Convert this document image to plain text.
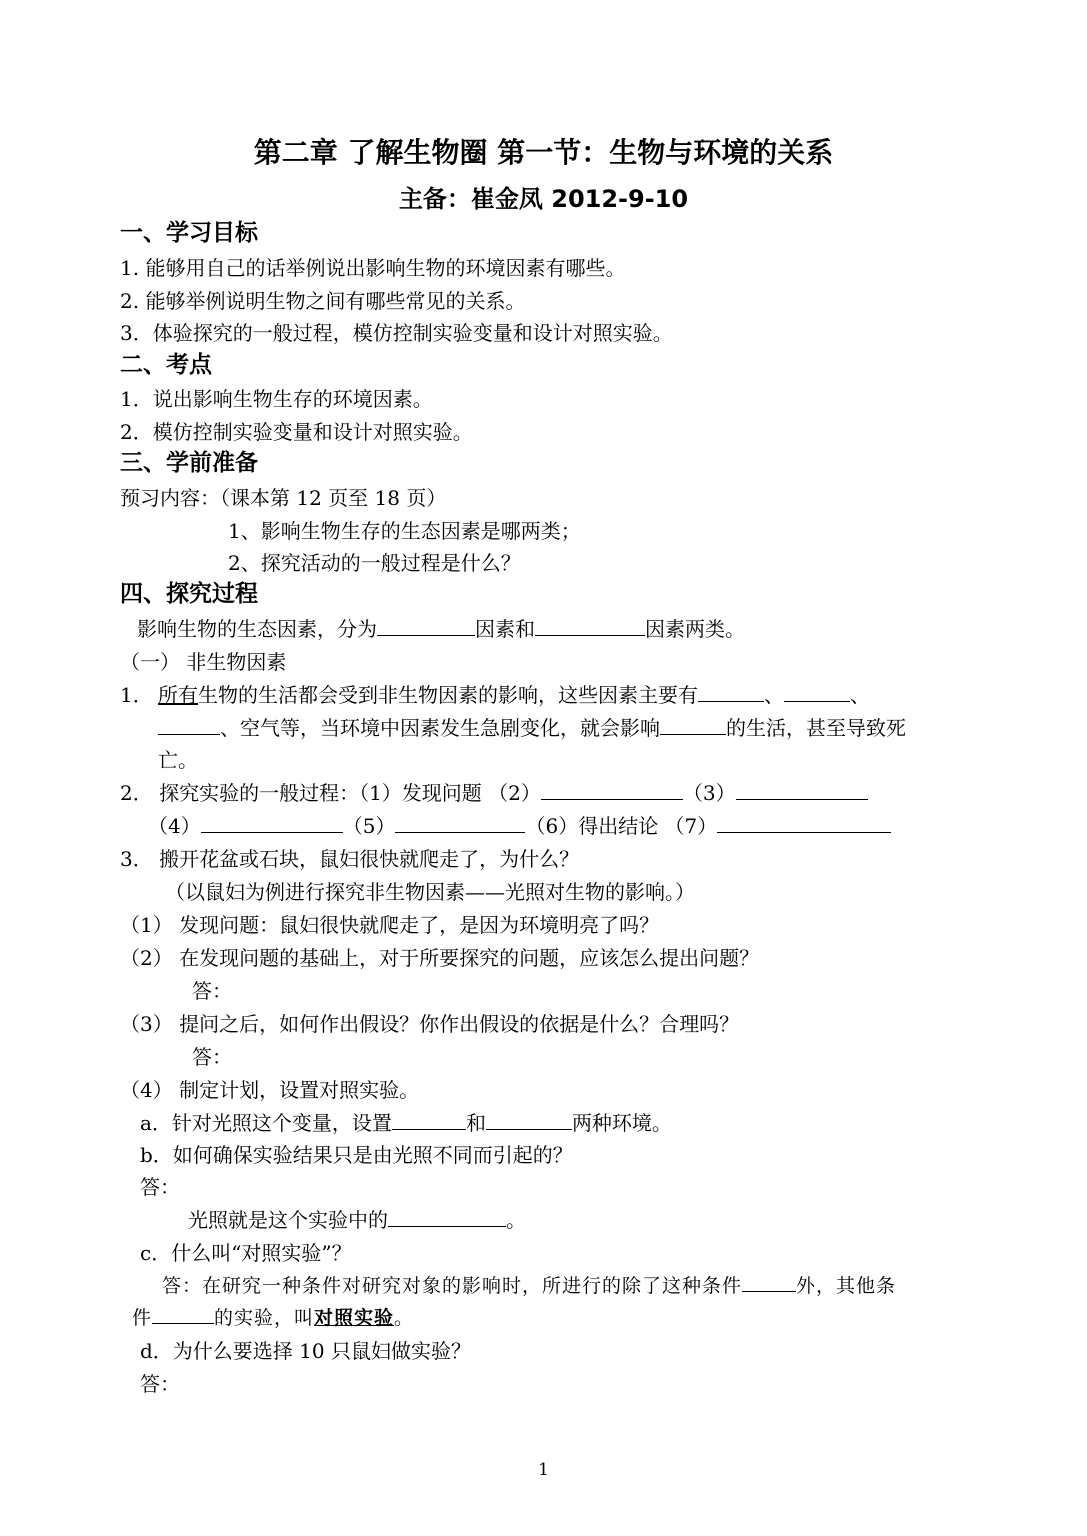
第二章 了解生物圈 第一节：生物与环境的关系
主备：崔金凤 2012-9-10
一、学习目标
1. 能够用自己的话举例说出影响生物的环境因素有哪些。
2. 能够举例说明生物之间有哪些常见的关系。
3．体验探究的一般过程，模仿控制实验变量和设计对照实验。
二、考点
1．说出影响生物生存的环境因素。
2．模仿控制实验变量和设计对照实验。
三、学前准备
预习内容：（课本第 12 页至 18 页）
1、影响生物生存的生态因素是哪两类；
2、探究活动的一般过程是什么？
四、探究过程
影响生物的生态因素，分为	因素和	因素两类。
（一） 非生物因素
1． 所有生物的生活都会受到非生物因素的影响，这些因素主要有	、	、
、空气等，当环境中因素发生急剧变化，就会影响	的生活，甚至导致死
亡。
2． 探究实验的一般过程：（1）发现问题 （2）	（3）
（4）	（5）	（6）得出结论 （7）
3． 搬开花盆或石块，鼠妇很快就爬走了，为什么？
（以鼠妇为例进行探究非生物因素——光照对生物的影响。）
（1） 发现问题：鼠妇很快就爬走了，是因为环境明亮了吗？
（2） 在发现问题的基础上，对于所要探究的问题，应该怎么提出问题？
答：
（3） 提问之后，如何作出假设？你作出假设的依据是什么？合理吗？
答：
（4） 制定计划，设置对照实验。
a．针对光照这个变量，设置	和	两种环境。
b．如何确保实验结果只是由光照不同而引起的？
答：
光照就是这个实验中的	。
c．什么叫“对照实验”？
答：在研究一种条件对研究对象的影响时，所进行的除了这种条件	外，其他条
件	的实验，叫对照实验。
d．为什么要选择 10 只鼠妇做实验？
答：
1
